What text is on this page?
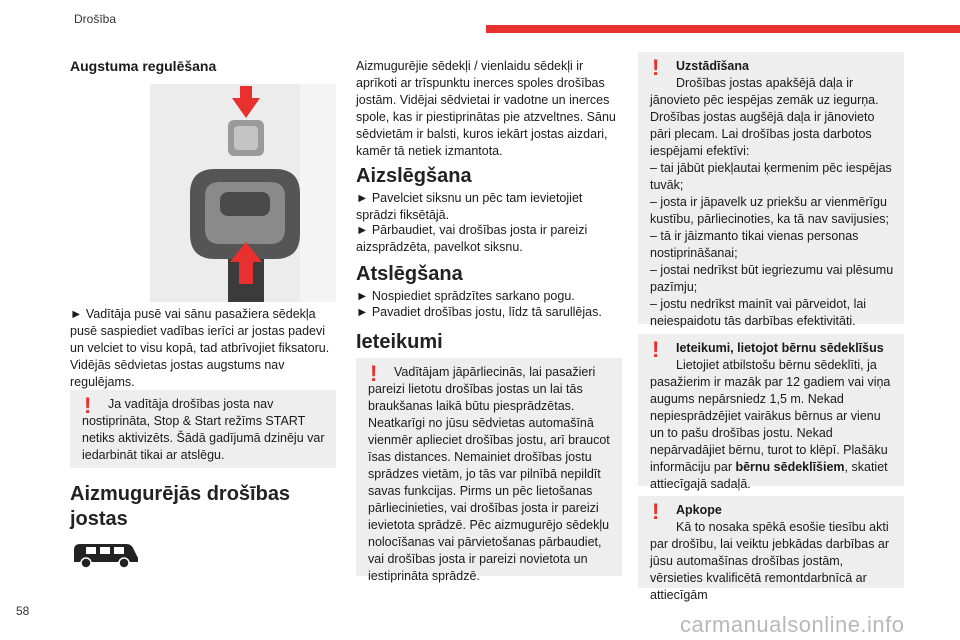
Drošība
Augstuma regulēšana
► Vadītāja pusē vai sānu pasažiera sēdekļa pusē saspiediet vadības ierīci ar jostas padevi un velciet to visu kopā, tad atbrīvojiet fiksatoru. Vidējās sēdvietas jostas augstums nav regulējams.
!	Ja vadītāja drošības josta nav nostiprināta, Stop & Start režīms START netiks aktivizēts. Šādā gadījumā dzinēju var iedarbināt tikai ar atslēgu.
Aizmugurējās drošības jostas
Aizmugurējie sēdekļi / vienlaidu sēdekļi ir aprīkoti ar trīspunktu inerces spoles drošības jostām. Vidējai sēdvietai ir vadotne un inerces spole, kas ir piestiprinātas pie atzveltnes. Sānu sēdvietām ir balsti, kuros iekārt jostas aizdari, kamēr tā netiek izmantota.
Aizslēgšana
► Pavelciet siksnu un pēc tam ievietojiet sprādzi fiksētājā.
► Pārbaudiet, vai drošības josta ir pareizi aizsprādzēta, pavelkot siksnu.
Atslēgšana
► Nospiediet sprādzītes sarkano pogu.
► Pavadiet drošības jostu, līdz tā sarullējas.
Ieteikumi
!	Vadītājam jāpārliecinās, lai pasažieri pareizi lietotu drošības jostas un lai tās braukšanas laikā būtu piesprādzētas. Neatkarīgi no jūsu sēdvietas automašīnā vienmēr aplieciet drošības jostu, arī braucot īsas distances. Nemainiet drošības jostu sprādzes vietām, jo tās var pilnībā nepildīt savas funkcijas. Pirms un pēc lietošanas pārliecinieties, vai drošības josta ir pareizi ievietota sprādzē. Pēc aizmugurējo sēdekļu nolocīšanas vai pārvietošanas pārbaudiet, vai drošības josta ir pareizi novietota un iestiprināta sprādzē.
! Uzstādīšana
Drošības jostas apakšējā daļa ir jānovieto pēc iespējas zemāk uz iegurņa. Drošības jostas augšējā daļa ir jānovieto pāri plecam. Lai drošības josta darbotos iespējami efektīvi:
– tai jābūt piekļautai ķermenim pēc iespējas tuvāk;
– josta ir jāpavelk uz priekšu ar vienmērīgu kustību, pārliecinoties, ka tā nav savijusies;
– tā ir jāizmanto tikai vienas personas nostiprināšanai;
– jostai nedrīkst būt iegriezumu vai plēsumu pazīmju;
– jostu nedrīkst mainīt vai pārveidot, lai neiespaidotu tās darbības efektivitāti.
! Ieteikumi, lietojot bērnu sēdeklīšus
Lietojiet atbilstošu bērnu sēdeklīti, ja pasažierim ir mazāk par 12 gadiem vai viņa augums nepārsniedz 1,5 m. Nekad nepiesprādzējiet vairākus bērnus ar vienu un to pašu drošības jostu. Nekad nepārvadājiet bērnu, turot to klēpī. Plašāku informāciju par bērnu sēdeklīšiem, skatiet attiecīgajā sadaļā.
! Apkope
Kā to nosaka spēkā esošie tiesību akti par drošību, lai veiktu jebkādas darbības ar jūsu automašīnas drošības jostām, vērsieties kvalificētā remontdarbnīcā ar attiecīgām
58
carmanualsonline.info
